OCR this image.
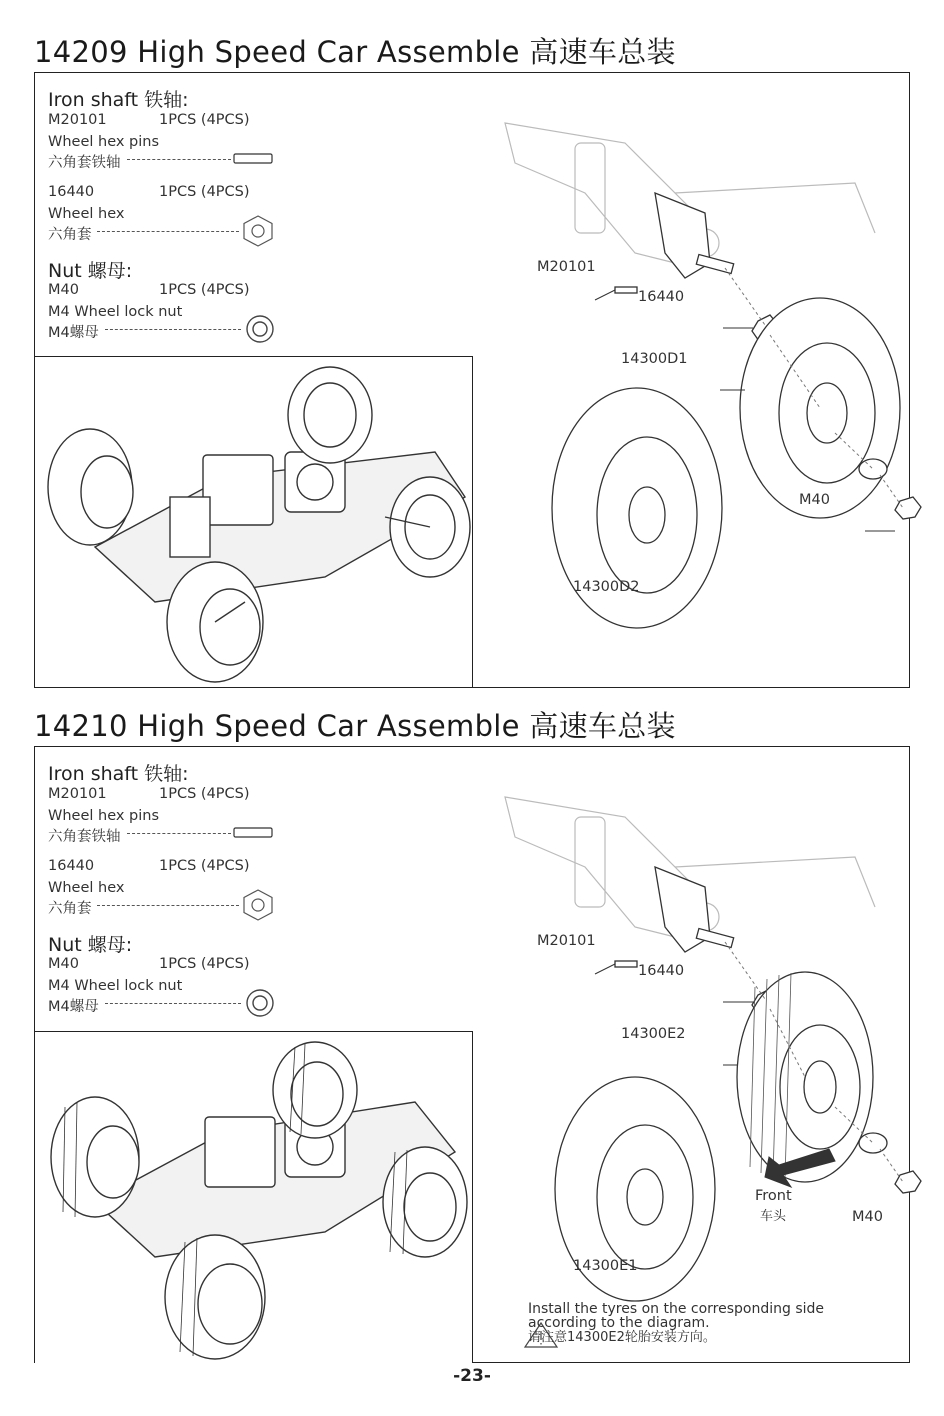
14209 High Speed Car Assemble 高速车总装
Iron shaft 铁轴:
M20101	1PCS (4PCS)
Wheel hex pins
六角套铁轴
16440	1PCS (4PCS)
Wheel hex
六角套
Nut 螺母:
M40	1PCS (4PCS)
M4 Wheel lock nut
M4螺母
M20101
16440
14300D1
M40
14300D2
14210 High Speed Car Assemble 高速车总装
Iron shaft 铁轴:
M20101	1PCS (4PCS)
Wheel hex pins
六角套铁轴
16440	1PCS (4PCS)
Wheel hex
六角套
Nut 螺母:
M40	1PCS (4PCS)
M4 Wheel lock nut
M4螺母
M20101
16440
14300E2
Front
车头	M40
14300E1
Install the tyres on the corresponding side
according to the diagram.
请注意14300E2轮胎安装方向。
-23-
